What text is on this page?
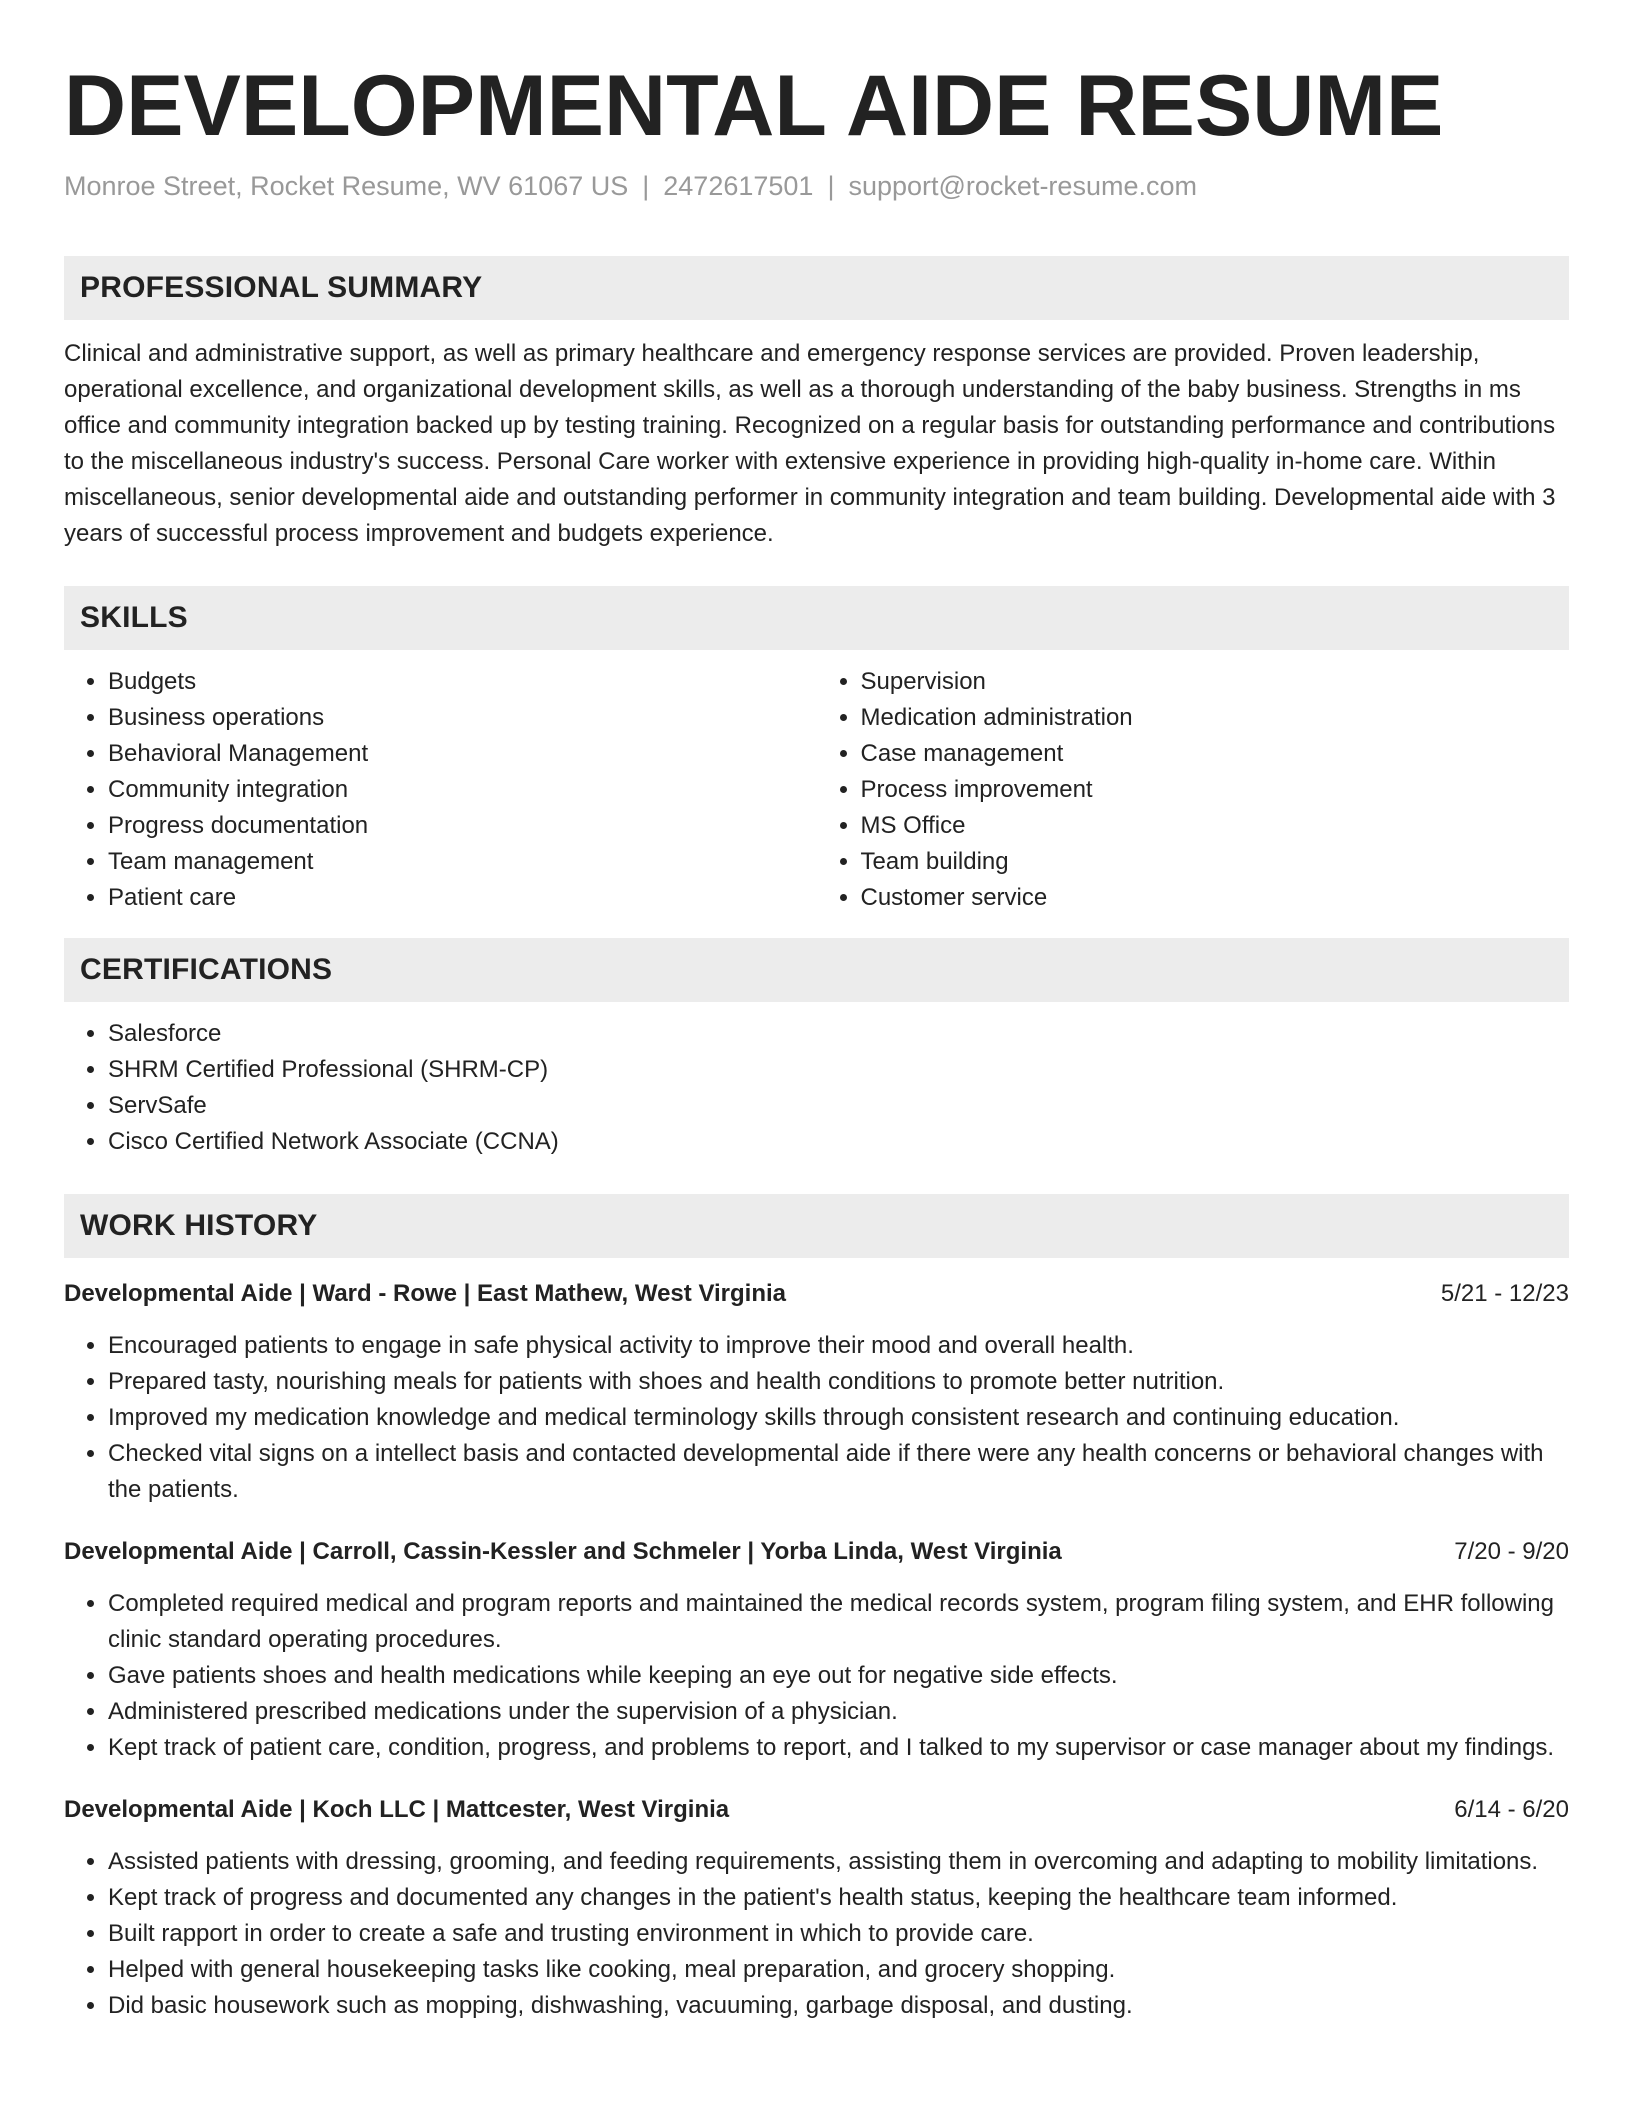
DEVELOPMENTAL AIDE RESUME
Monroe Street, Rocket Resume, WV 61067 US | 2472617501 | support@rocket-resume.com
PROFESSIONAL SUMMARY
Clinical and administrative support, as well as primary healthcare and emergency response services are provided. Proven leadership, operational excellence, and organizational development skills, as well as a thorough understanding of the baby business. Strengths in ms office and community integration backed up by testing training. Recognized on a regular basis for outstanding performance and contributions to the miscellaneous industry's success. Personal Care worker with extensive experience in providing high-quality in-home care. Within miscellaneous, senior developmental aide and outstanding performer in community integration and team building. Developmental aide with 3 years of successful process improvement and budgets experience.
SKILLS
• Budgets
• Business operations
• Behavioral Management
• Community integration
• Progress documentation
• Team management
• Patient care
• Supervision
• Medication administration
• Case management
• Process improvement
• MS Office
• Team building
• Customer service
CERTIFICATIONS
• Salesforce
• SHRM Certified Professional (SHRM-CP)
• ServSafe
• Cisco Certified Network Associate (CCNA)
WORK HISTORY
Developmental Aide | Ward - Rowe | East Mathew, West Virginia	5/21 - 12/23
• Encouraged patients to engage in safe physical activity to improve their mood and overall health.
• Prepared tasty, nourishing meals for patients with shoes and health conditions to promote better nutrition.
• Improved my medication knowledge and medical terminology skills through consistent research and continuing education.
• Checked vital signs on a intellect basis and contacted developmental aide if there were any health concerns or behavioral changes with the patients.
Developmental Aide | Carroll, Cassin-Kessler and Schmeler | Yorba Linda, West Virginia	7/20 - 9/20
• Completed required medical and program reports and maintained the medical records system, program filing system, and EHR following clinic standard operating procedures.
• Gave patients shoes and health medications while keeping an eye out for negative side effects.
• Administered prescribed medications under the supervision of a physician.
• Kept track of patient care, condition, progress, and problems to report, and I talked to my supervisor or case manager about my findings.
Developmental Aide | Koch LLC | Mattcester, West Virginia	6/14 - 6/20
• Assisted patients with dressing, grooming, and feeding requirements, assisting them in overcoming and adapting to mobility limitations.
• Kept track of progress and documented any changes in the patient's health status, keeping the healthcare team informed.
• Built rapport in order to create a safe and trusting environment in which to provide care.
• Helped with general housekeeping tasks like cooking, meal preparation, and grocery shopping.
• Did basic housework such as mopping, dishwashing, vacuuming, garbage disposal, and dusting.
